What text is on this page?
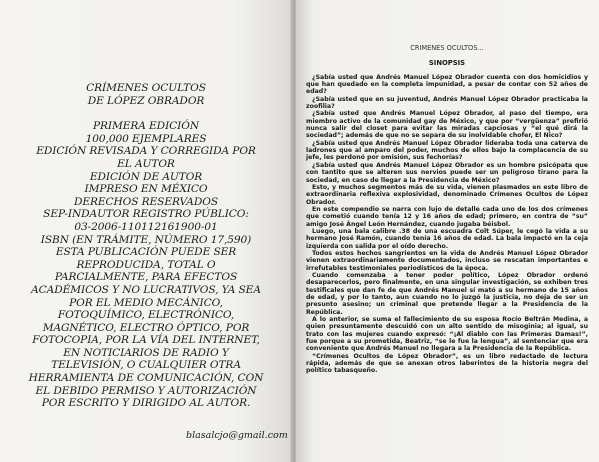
CRÍMENES OCULTOS
DE LÓPEZ OBRADOR
PRIMERA EDICIÓN
100,000 EJEMPLARES
EDICIÓN REVISADA Y CORREGIDA POR
EL AUTOR
EDICIÓN DE AUTOR
IMPRESO EN MÉXICO
DERECHOS RESERVADOS
SEP-INDAUTOR REGISTRO PÚBLICO:
03-2006-110112161900-01
ISBN (EN TRÁMITE, NÚMERO 17,590)
ESTA PUBLICACIÓN PUEDE SER
REPRODUCIDA, TOTAL O
PARCIALMENTE, PARA EFECTOS
ACADÉMICOS Y NO LUCRATIVOS, YA SEA
POR EL MEDIO MECÁNICO,
FOTOQUÍMICO, ELECTRÓNICO,
MAGNÉTICO, ELECTRO ÓPTICO, POR
FOTOCOPIA, POR LA VÍA DEL INTERNET,
EN NOTICIARIOS DE RADIO Y
TELEVISIÓN, O CUALQUIER OTRA
HERRAMIENTA DE COMUNICACIÓN, CON
EL DEBIDO PERMISO Y AUTORIZACIÓN
POR ESCRITO Y DIRIGIDO AL AUTOR.
blasalcjo@gmail.com
CRIMENES OCULTOS...
SINOPSIS

¿Sabía usted que Andrés Manuel López Obrador cuenta con dos homicidios y que han quedado en la completa impunidad, a pesar de contar con 52 años de edad?

¿Sabía usted que en su juventud, Andrés Manuel López Obrador practicaba la zoofilia?

¿Sabía usted que Andrés Manuel López Obrador, al paso del tiempo, era miembro activo de la comunidad gay de México, y que por “vergüenza” prefirió nunca salir del closet para evitar las miradas capciosas y “el qué dirá la sociedad”; además de que no se separa de su inolvidable chofer, El Nico?

¿Sabía usted que Andrés Manuel López Obrador lideraba toda una caterva de ladrones que al amparo del poder, muchos de ellos bajo la complacencia de su jefe, les perdonó por omisión, sus fechorías?

¿Sabía usted que Andrés Manuel López Obrador es un hombre psicópata que con tantito que se alteren sus nervios puede ser un peligroso tirano para la sociedad, en caso de llegar a la Presidencia de México?

Esto, y muchos segmentos más de su vida, vienen plasmados en este libro de extraordinaria reflexiva explosividad, denominado Crímenes Ocultos de López Obrador.

En este compendio se narra con lujo de detalle cada uno de los dos crímenes que cometió cuando tenía 12 y 16 años de edad; primero, en contra de “su” amigo José Ángel León Hernández, cuando jugaba béisbol.

Luego, una bala calibre .38 de una escuadra Colt Súper, le cegó la vida a su hermano José Ramón, cuando tenía 16 años de edad. La bala impactó en la ceja izquierda con salida por el oído derecho.

Todos estos hechos sangrientos en la vida de Andrés Manuel López Obrador vienen extraordinariamente documentados, incluso se rescatan importantes e irrefutables testimoniales periodísticos de la época.

Cuando comenzaba a tener poder político, López Obrador ordenó desaparecerlos, pero finalmente, en una singular investigación, se exhiben tres testificales que dan fe de que Andrés Manuel sí mató a su hermano de 15 años de edad, y por lo tanto, aun cuando no lo juzgó la justicia, no deja de ser un presunto asesino; un criminal que pretende llegar a la Presidencia de la República.

A lo anterior, se suma el fallecimiento de su esposa Rocío Beltrán Medina, a quien presuntamente descuidó con un alto sentido de misoginia; al igual, su trato con las mujeres cuando expresó: “¡Al diablo con las Primeras Damas!”, fue porque a su prometida, Beatriz, “se le fue la lengua”, al sentenciar que era conveniente que Andrés Manuel no llegara a la Presidencia de la República.

“Crímenes Ocultos de López Obrador”, es un libro redactado de lectura rápida, además de que se anexan otros laberintos de la historia negra del político tabasqueño.
